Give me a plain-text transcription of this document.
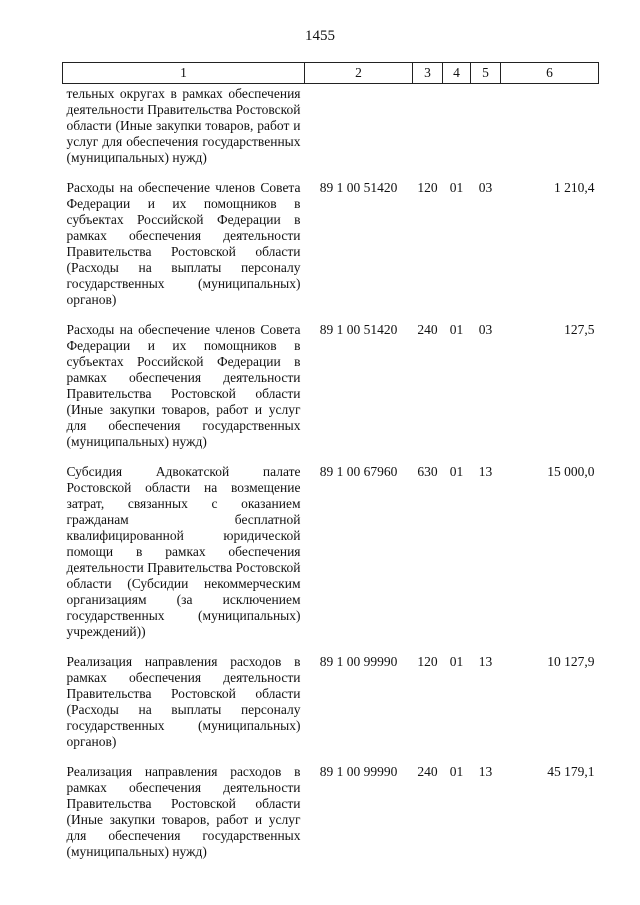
1455
1	2	3	4	5	6
тельных округах в рамках обеспечения деятельности Правительства Ростовской области (Иные закупки товаров, работ и услуг для обеспечения государственных (муниципальных) нужд)					
Расходы на обеспечение членов Совета Федерации и их помощников в субъектах Российской Федерации в рамках обеспечения деятельности Правительства Ростовской области (Расходы на выплаты персоналу государственных (муниципальных) органов)	89 1 00 51420	120	01	03	1 210,4
Расходы на обеспечение членов Совета Федерации и их помощников в субъектах Российской Федерации в рамках обеспечения деятельности Правительства Ростовской области (Иные закупки товаров, работ и услуг для обеспечения государственных (муниципальных) нужд)	89 1 00 51420	240	01	03	127,5
Субсидия Адвокатской палате Ростовской области на возмещение затрат, связанных с оказанием гражданам бесплатной квалифицированной юридической помощи в рамках обеспечения деятельности Правительства Ростовской области (Субсидии некоммерческим организациям (за исключением государственных (муниципальных) учреждений))	89 1 00 67960	630	01	13	15 000,0
Реализация направления расходов в рамках обеспечения деятельности Правительства Ростовской области (Расходы на выплаты персоналу государственных (муниципальных) органов)	89 1 00 99990	120	01	13	10 127,9
Реализация направления расходов в рамках обеспечения деятельности Правительства Ростовской области (Иные закупки товаров, работ и услуг для обеспечения государственных (муниципальных) нужд)	89 1 00 99990	240	01	13	45 179,1
